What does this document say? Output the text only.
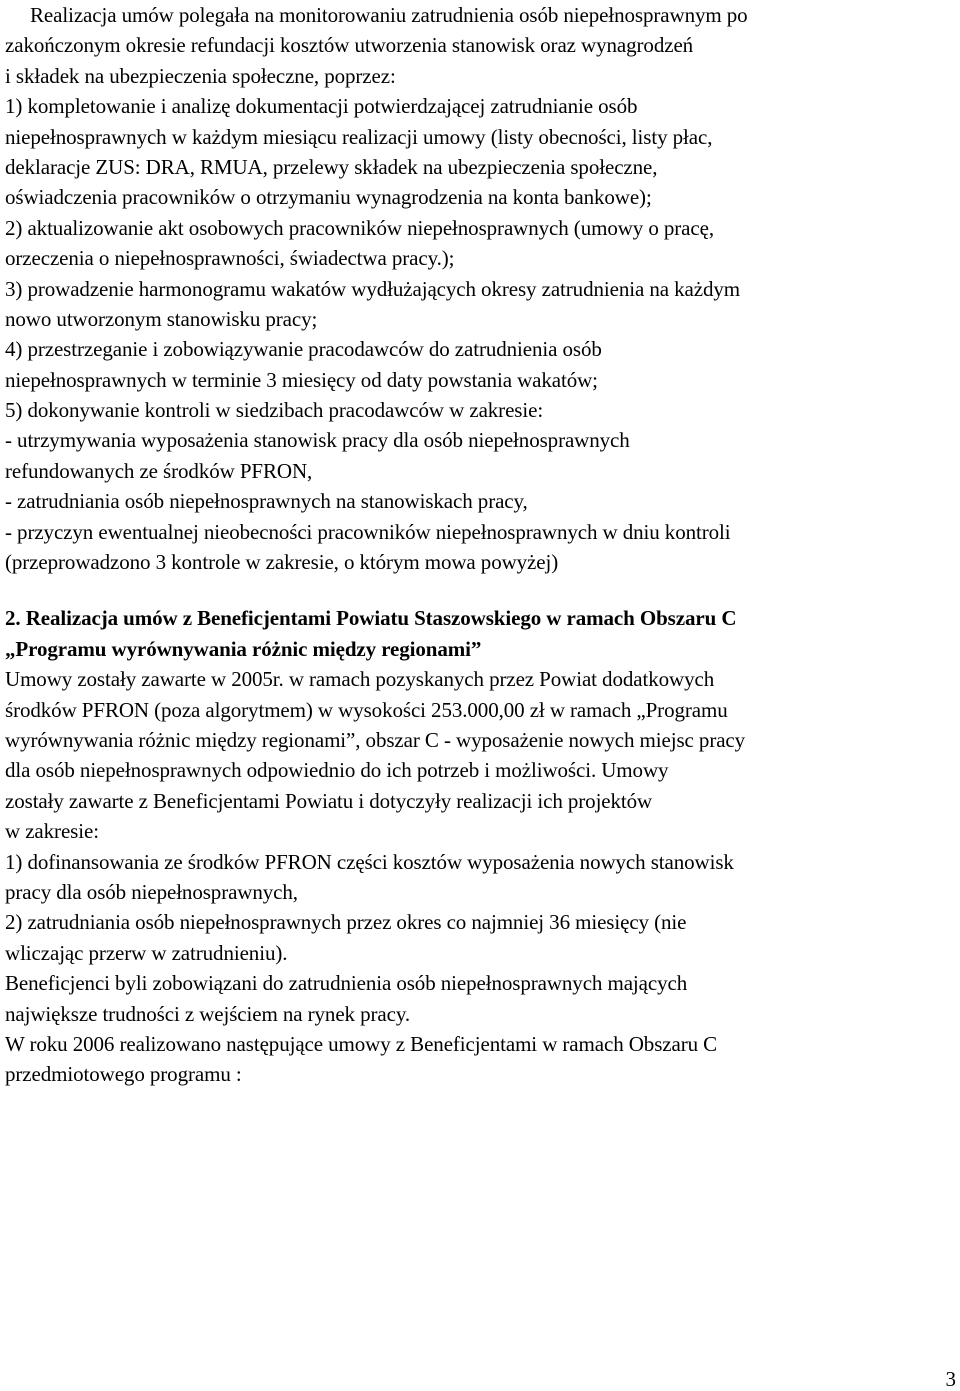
Realizacja umów polegała na monitorowaniu zatrudnienia osób niepełnosprawnym po
zakończonym okresie refundacji kosztów utworzenia stanowisk oraz wynagrodzeń
i składek na ubezpieczenia społeczne, poprzez:
1) kompletowanie i analizę dokumentacji potwierdzającej zatrudnianie osób
niepełnosprawnych w każdym miesiącu realizacji umowy (listy obecności, listy płac,
deklaracje ZUS: DRA, RMUA, przelewy składek na ubezpieczenia społeczne,
oświadczenia pracowników o otrzymaniu wynagrodzenia na konta bankowe);
2) aktualizowanie akt osobowych pracowników niepełnosprawnych (umowy o pracę,
orzeczenia o niepełnosprawności, świadectwa pracy.);
3) prowadzenie harmonogramu wakatów wydłużających okresy zatrudnienia na każdym
nowo utworzonym stanowisku pracy;
4) przestrzeganie i zobowiązywanie pracodawców do zatrudnienia osób
niepełnosprawnych w terminie 3 miesięcy od daty powstania wakatów;
5) dokonywanie kontroli w siedzibach pracodawców w zakresie:
- utrzymywania wyposażenia stanowisk pracy dla osób niepełnosprawnych
refundowanych ze środków PFRON,
- zatrudniania osób niepełnosprawnych na stanowiskach pracy,
- przyczyn ewentualnej nieobecności pracowników niepełnosprawnych w dniu kontroli
(przeprowadzono 3 kontrole w zakresie, o którym mowa powyżej)
2. Realizacja umów z Beneficjentami Powiatu Staszowskiego w ramach Obszaru C
„Programu wyrównywania różnic między regionami”
Umowy zostały zawarte w 2005r. w ramach pozyskanych przez Powiat dodatkowych
środków PFRON (poza algorytmem) w wysokości 253.000,00 zł w ramach „Programu
wyrównywania różnic między regionami”, obszar C - wyposażenie nowych miejsc pracy
dla osób niepełnosprawnych odpowiednio do ich potrzeb i możliwości. Umowy
zostały zawarte z Beneficjentami Powiatu i dotyczyły realizacji ich projektów
w zakresie:
1) dofinansowania ze środków PFRON części kosztów wyposażenia nowych stanowisk
pracy dla osób niepełnosprawnych,
2) zatrudniania osób niepełnosprawnych przez okres co najmniej 36 miesięcy (nie
wliczając przerw w zatrudnieniu).
Beneficjenci byli zobowiązani do zatrudnienia osób niepełnosprawnych mających
największe trudności z wejściem na rynek pracy.
W roku 2006 realizowano następujące umowy z Beneficjentami w ramach Obszaru C
przedmiotowego programu :
3
